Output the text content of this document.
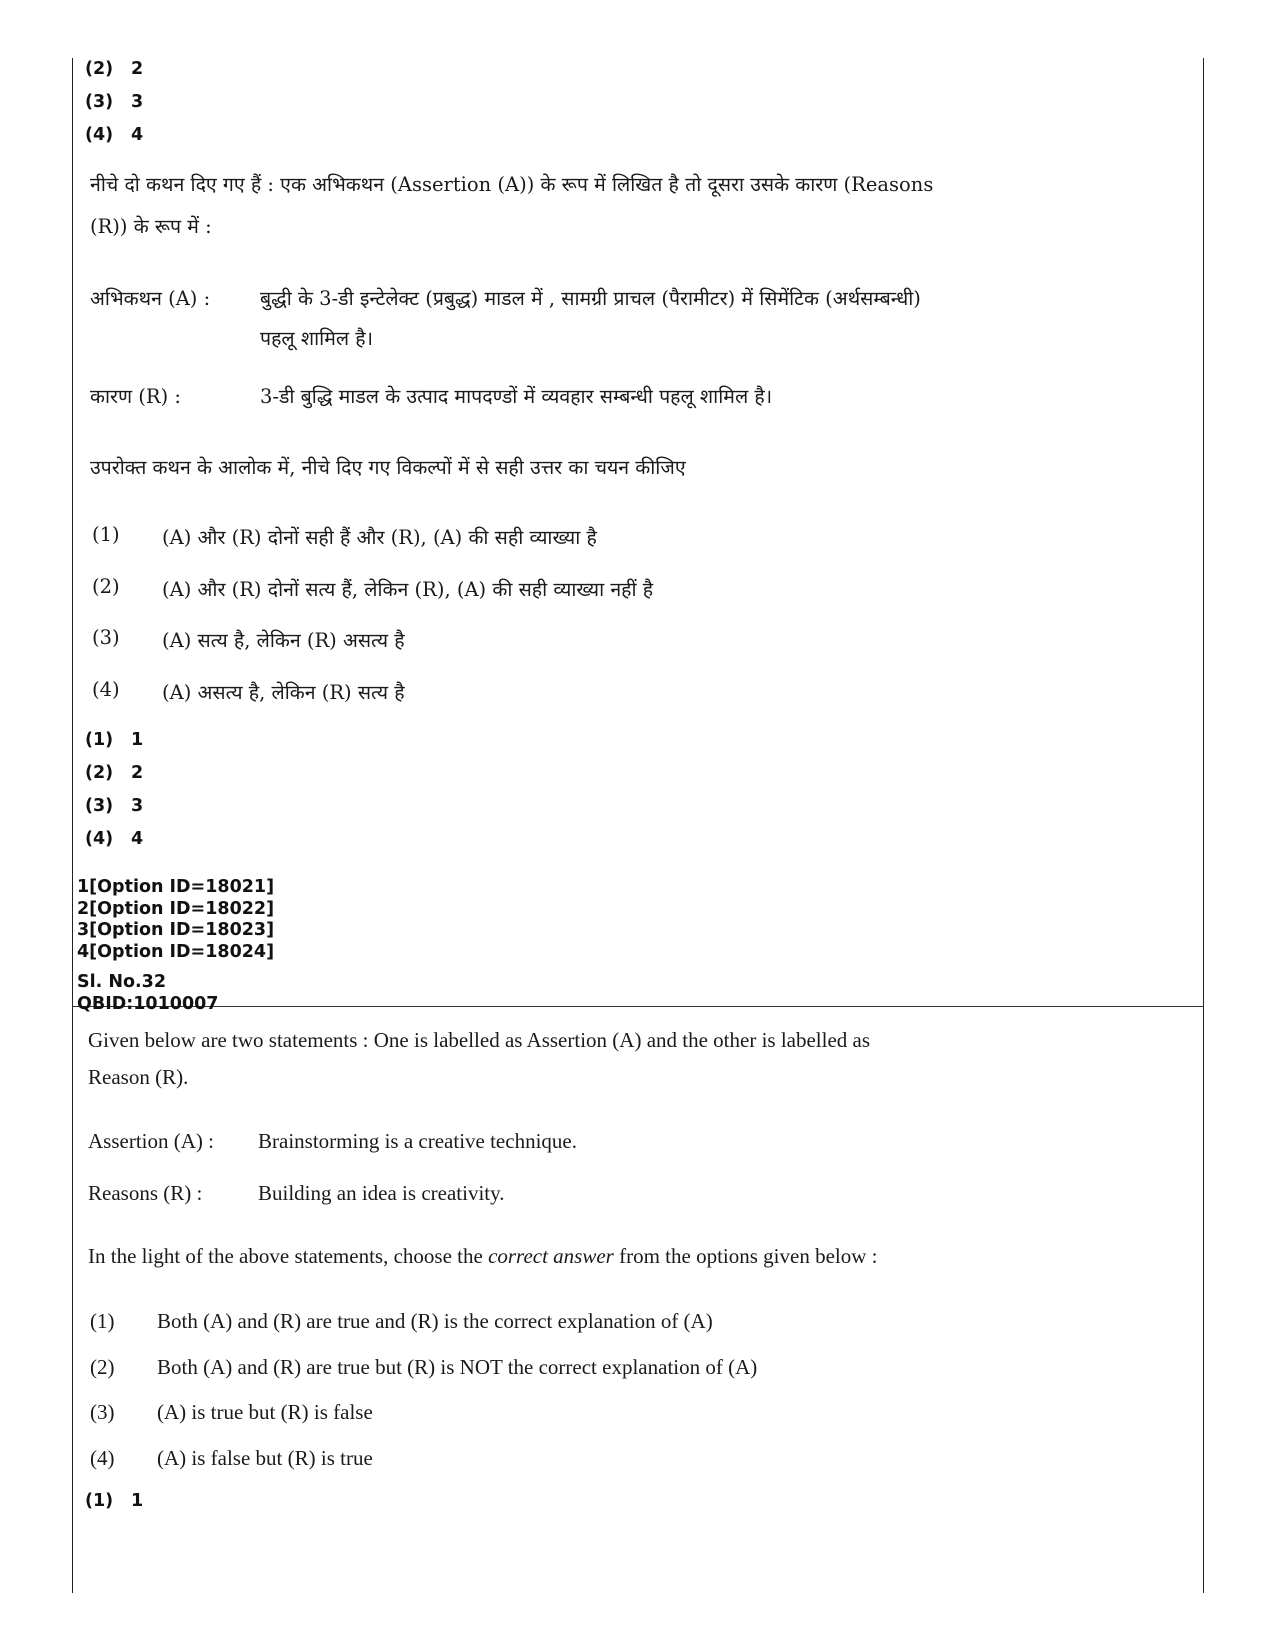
(2) 2
(3) 3
(4) 4
नीचे दो कथन दिए गए हैं : एक अभिकथन (Assertion (A)) के रूप में लिखित है तो दूसरा उसके कारण (Reasons
(R)) के रूप में :
अभिकथन (A) :	बुद्धी के 3-डी इन्टेलेक्ट (प्रबुद्ध) माडल में , सामग्री प्राचल (पैरामीटर) में सिमेंटिक (अर्थसम्बन्धी)
पहलू शामिल है।
कारण (R) :	3-डी बुद्धि माडल के उत्पाद मापदण्डों में व्यवहार सम्बन्धी पहलू शामिल है।
उपरोक्त कथन के आलोक में, नीचे दिए गए विकल्पों में से सही उत्तर का चयन कीजिए
(1) (A) और (R) दोनों सही हैं और (R), (A) की सही व्याख्या है
(2) (A) और (R) दोनों सत्य हैं, लेकिन (R), (A) की सही व्याख्या नहीं है
(3) (A) सत्य है, लेकिन (R) असत्य है
(4) (A) असत्य है, लेकिन (R) सत्य है
(1) 1
(2) 2
(3) 3
(4) 4
1[Option ID=18021]
2[Option ID=18022]
3[Option ID=18023]
4[Option ID=18024]
Sl. No.32
QBID:1010007
Given below are two statements : One is labelled as Assertion (A) and the other is labelled as
Reason (R).
Assertion (A) : Brainstorming is a creative technique.
Reasons (R) :	Building an idea is creativity.
In the light of the above statements, choose the correct answer from the options given below :
(1) Both (A) and (R) are true and (R) is the correct explanation of (A)
(2) Both (A) and (R) are true but (R) is NOT the correct explanation of (A)
(3) (A) is true but (R) is false
(4) (A) is false but (R) is true
(1) 1
